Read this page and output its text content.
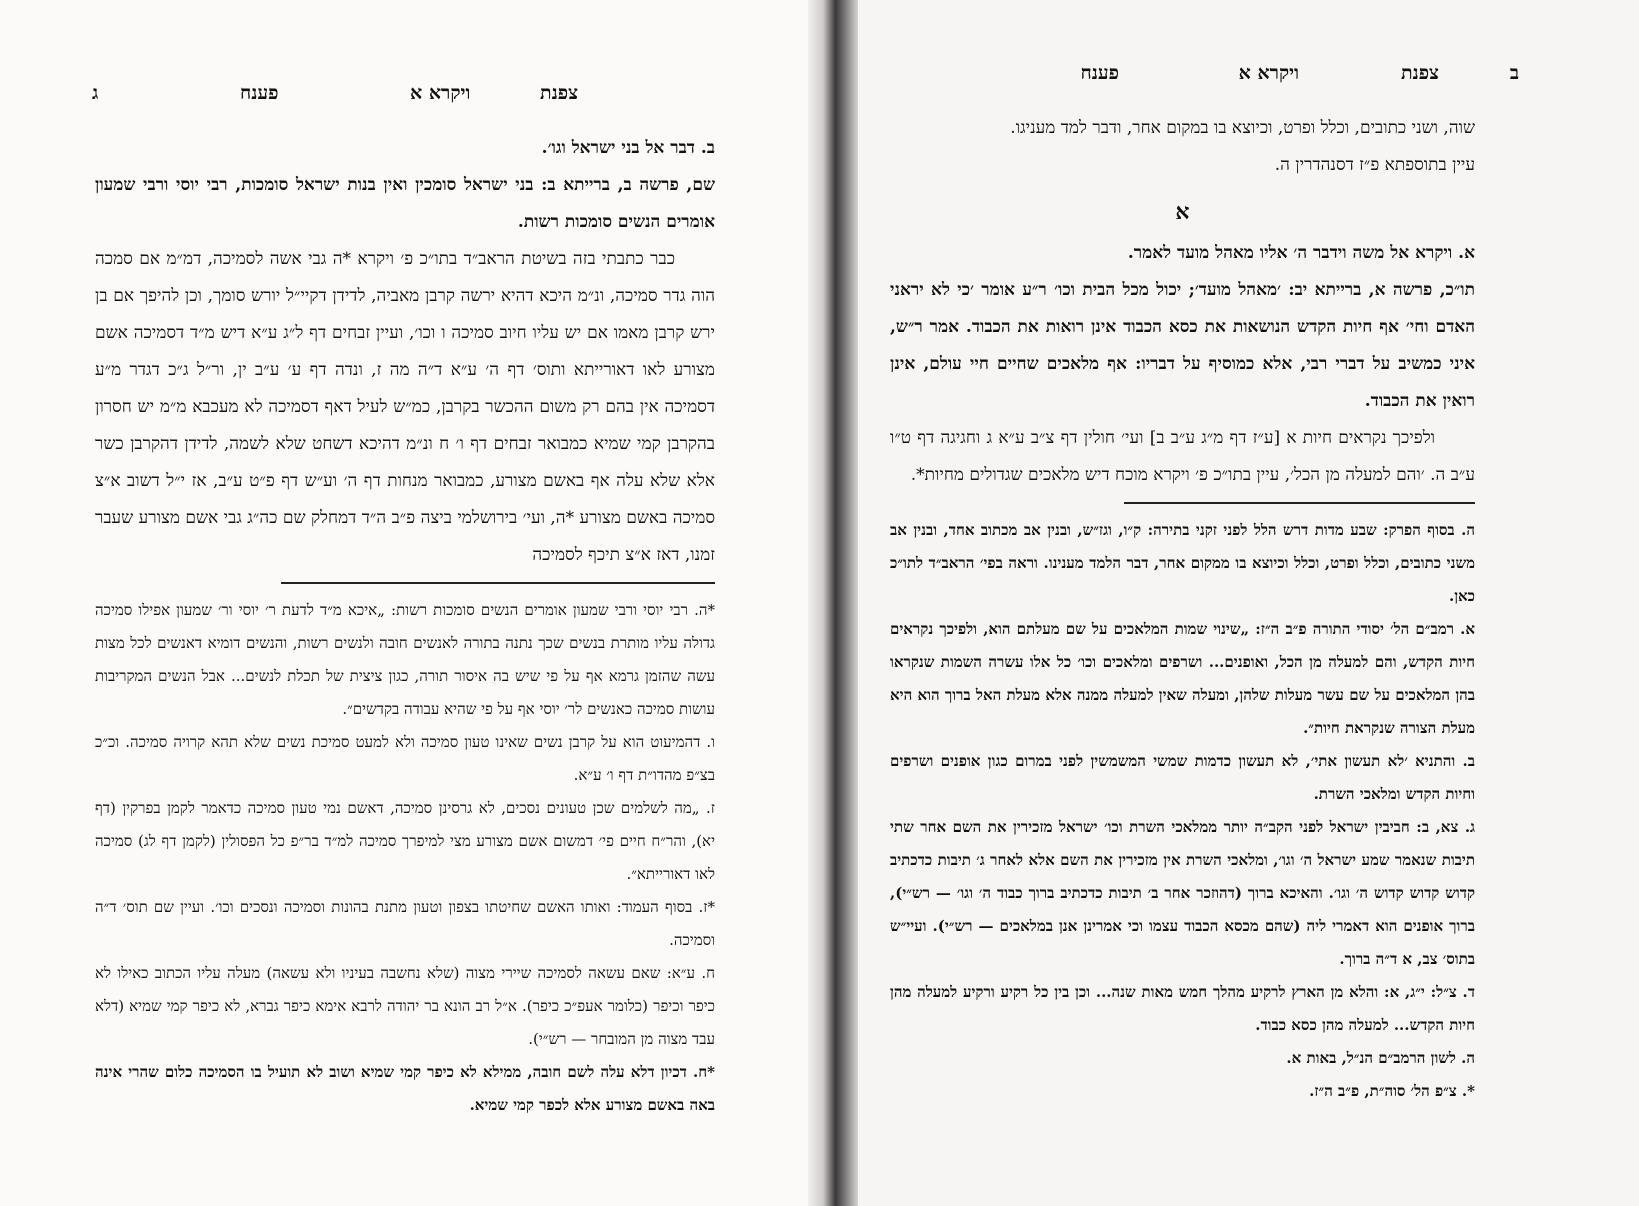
ג	פענח	ויקרא א	צפנת

ב. דבר אל בני ישראל וגו׳.

שם, פרשה ב, ברייתא ב: בני ישראל סומכין ואין בנות ישראל סומכות, רבי יוסי ורבי שמעון אומרים הנשים סומכות רשות.

כבר כתבתי בזה בשיטת הראב״ד בתו״כ פ׳ ויקרא *ה גבי אשה לסמיכה, דמ״מ אם סמכה הוה גדר סמיכה, ונ״מ היכא דהיא ירשה קרבן מאביה, לדידן דקיי״ל יורש סומך, וכן להיפך אם בן ירש קרבן מאמו אם יש עליו חיוב סמיכה ו וכו׳, ועיין זבחים דף ל״ג ע״א דיש מ״ד דסמיכה אשם מצורע לאו דאורייתא ותוס׳ דף ה׳ ע״א ד״ה מה ז, ונדה דף ע׳ ע״ב ין, ור״ל ג״כ דגדר מ״ע דסמיכה אין בהם רק משום ההכשר בקרבן, כמ״ש לעיל דאף דסמיכה לא מעכבא מ״מ יש חסרון בהקרבן קמי שמיא כמבואר זבחים דף ו׳ ח ונ״מ דהיכא דשחט שלא לשמה, לדידן דהקרבן כשר אלא שלא עלה אף באשם מצורע, כמבואר מנחות דף ה׳ וע״ש דף פ״ט ע״ב, אז י״ל דשוב א״צ סמיכה באשם מצורע *ה, ועי׳ בירושלמי ביצה פ״ב ה״ד דמחלק שם כה״ג גבי אשם מצורע שעבר זמנו, דאז א״צ תיכף לסמיכה

*ה. רבי יוסי ורבי שמעון אומרים הנשים סומכות רשות: „איכא מ״ד לדעת ר׳ יוסי ור׳ שמעון אפילו סמיכה גדולה עליו מותרת בנשים שכך נתנה בתורה לאנשים חובה ולנשים רשות, והנשים דומיא דאנשים לכל מצות עשה שהזמן גרמא אף על פי שיש בה איסור תורה, כגון ציצית של תכלת לנשים... אבל הנשים המקריבות עושות סמיכה כאנשים לר׳ יוסי אף על פי שהיא עבודה בקדשים״.

ו. דהמיעוט הוא על קרבן נשים שאינו טעון סמיכה ולא למעט סמיכת נשים שלא תהא קרויה סמיכה. וכ״כ בצ״פ מהדו״ת דף ו׳ ע״א.

ז. „מה לשלמים שכן טעונים נסכים, לא גרסינן סמיכה, דאשם נמי טעון סמיכה כדאמר לקמן בפרקין (דף יא), והר״ח חיים פי׳ דמשום אשם מצורע מצי למיפרך סמיכה למ״ד בר״פ כל הפסולין (לקמן דף לג) סמיכה לאו דאורייתא״.

*ז. בסוף העמוד: ואותו האשם שחיטתו בצפון וטעון מתנת בהונות וסמיכה ונסכים וכו׳. ועיין שם תוס׳ ד״ה וסמיכה.

ח. ע״א: שאם עשאה לסמיכה שיירי מצוה (שלא נחשבה בעיניו ולא עשאה) מעלה עליו הכתוב כאילו לא כיפר וכיפר (כלומר אעפ״כ כיפר). א״ל רב הונא בר יהודה לרבא אימא כיפר גברא, לא כיפר קמי שמיא (דלא עבד מצוה מן המובחר — רש״י).

*ח. דכיון דלא עלה לשם חובה, ממילא לא כיפר קמי שמיא ושוב לא תועיל בו הסמיכה כלום שהרי אינה באה באשם מצורע אלא לכפר קמי שמיא.

ב
צפנת
ויקרא א
פענח

שוה, ושני כתובים, וכלל ופרט, וכיוצא בו במקום אחר, ודבר למד מעניגו.

עיין בתוספתא פ״ז דסנהדרין ה.

א

א. ויקרא אל משה וידבר ה׳ אליו מאהל מועד לאמר.

תו״כ, פרשה א, ברייתא יב: ׳מאהל מועד׳; יכול מכל הבית וכו׳ ר״ע אומר ׳כי לא יראני האדם וחי׳ אף חיות הקדש הנושאות את כסא הכבוד אינן רואות את הכבוד. אמר ר״ש, איני כמשיב על דברי רבי, אלא כמוסיף על דבריו: אף מלאכים שחיים חיי עולם, אינן רואין את הכבוד.

ולפיכך נקראים חיות א [ע״ז דף מ״ג ע״ב ב] ועי׳ חולין דף צ״ב ע״א ג וחגיגה דף ט״ו ע״ב ה. ׳והם למעלה מן הכל׳, עיין בתו״כ פ׳ ויקרא מוכח דיש מלאכים שגדולים מחיות*.

ה. בסוף הפרק: שבע מדות דרש הלל לפני זקני בתירה: ק״ו, וגז״ש, ובנין אב מכתוב אחד, ובנין אב משני כתובים, וכלל ופרט, וכלל וכיוצא בו ממקום אחר, דבר הלמד מענינו. וראה בפי׳ הראב״ד לתו״כ כאן.

א. רמב״ם הל׳ יסודי התורה פ״ב ה״ז: „שינוי שמות המלאכים על שם מעלתם הוא, ולפיכך נקראים חיות הקדש, והם למעלה מן הכל, ואופנים... ושרפים ומלאכים וכו׳ כל אלו עשרה השמות שנקראו בהן המלאכים על שם עשר מעלות שלהן, ומעלה שאין למעלה ממנה אלא מעלת האל ברוך הוא היא מעלת הצורה שנקראת חיות״.

ב. והתניא ׳לא תעשון אתי׳, לא תעשון כדמות שמשי המשמשין לפני במרום כגון אופנים ושרפים וחיות הקדש ומלאכי השרת.

ג. צא, ב: חביבין ישראל לפני הקב״ה יותר ממלאכי השרת וכו׳ ישראל מזכירין את השם אחר שתי תיבות שנאמר שמע ישראל ה׳ וגו׳, ומלאכי השרת אין מזכירין את השם אלא לאחר ג׳ תיבות כדכתיב קדוש קדוש קדוש ה׳ וגו׳. והאיכא ברוך (דהוזכר אחר ב׳ תיבות כדכתיב ברוך כבוד ה׳ וגו׳ — רש״י), ברוך אופנים הוא דאמרי ליה (שהם מכסא הכבוד עצמו וכי אמרינן אנן במלאכים — רש״י). ועיי״ש בתוס׳ צב, א ד״ה ברוך.

ד. צ״ל: י״ג, א: והלא מן הארץ לרקיע מהלך חמש מאות שנה... וכן בין כל רקיע ורקיע למעלה מהן חיות הקדש... למעלה מהן כסא כבוד.

ה. לשון הרמב״ם הנ״ל, באות א.

*. צ״פ הל׳ סוה״ת, פ״ב ה״ז.
